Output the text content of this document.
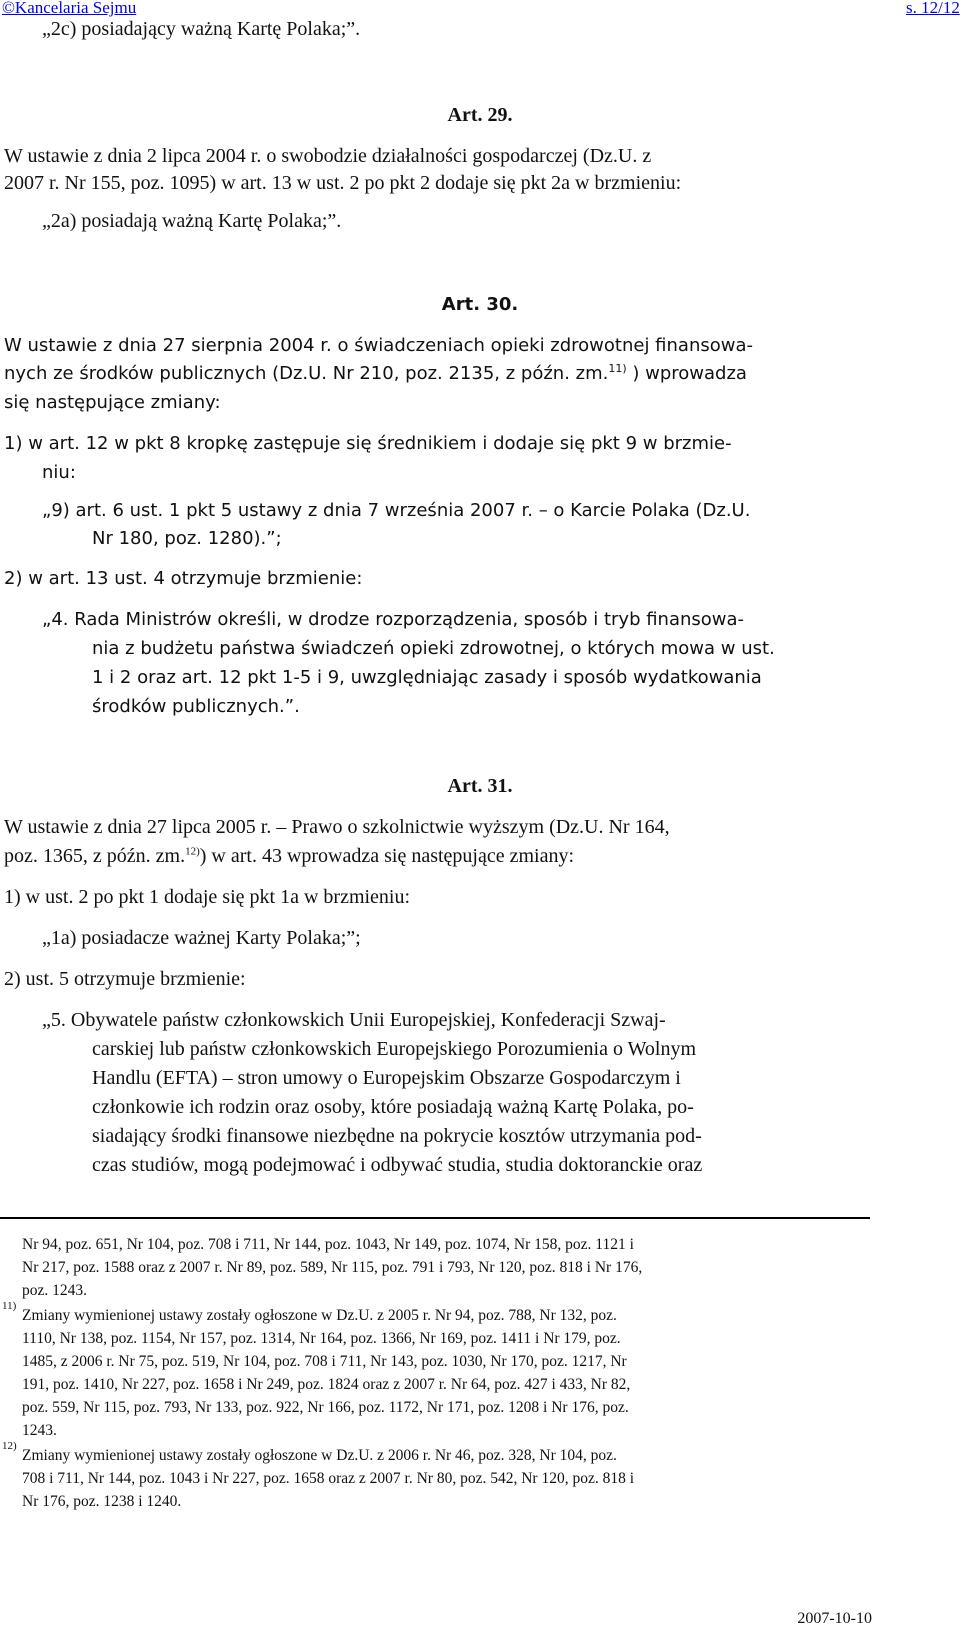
©Kancelaria Sejmu	s. 12/12
„2c) posiadający ważną Kartę Polaka;”.
Art. 29.
W ustawie z dnia 2 lipca 2004 r. o swobodzie działalności gospodarczej (Dz.U. z
2007 r. Nr 155, poz. 1095) w art. 13 w ust. 2 po pkt 2 dodaje się pkt 2a w brzmieniu:
„2a) posiadają ważną Kartę Polaka;”.
Art. 30.
W ustawie z dnia 27 sierpnia 2004 r. o świadczeniach opieki zdrowotnej finansowa-
nych ze środków publicznych (Dz.U. Nr 210, poz. 2135, z późn. zm.$^{11)}$ ) wprowadza
się następujące zmiany:
1) w art. 12 w pkt 8 kropkę zastępuje się średnikiem i dodaje się pkt 9 w brzmie-
niu:
„9) art. 6 ust. 1 pkt 5 ustawy z dnia 7 września 2007 r. – o Karcie Polaka (Dz.U.
Nr 180, poz. 1280).”;
2) w art. 13 ust. 4 otrzymuje brzmienie:
„4. Rada Ministrów określi, w drodze rozporządzenia, sposób i tryb finansowa-
nia z budżetu państwa świadczeń opieki zdrowotnej, o których mowa w ust.
1 i 2 oraz art. 12 pkt 1-5 i 9, uwzględniając zasady i sposób wydatkowania
środków publicznych.”.
Art. 31.
W ustawie z dnia 27 lipca 2005 r. – Prawo o szkolnictwie wyższym (Dz.U. Nr 164,
poz. 1365, z późn. zm.$^{12)}$) w art. 43 wprowadza się następujące zmiany:
1) w ust. 2 po pkt 1 dodaje się pkt 1a w brzmieniu:
„1a) posiadacze ważnej Karty Polaka;”;
2) ust. 5 otrzymuje brzmienie:
„5. Obywatele państw członkowskich Unii Europejskiej, Konfederacji Szwaj-
carskiej lub państw członkowskich Europejskiego Porozumienia o Wolnym
Handlu (EFTA) – stron umowy o Europejskim Obszarze Gospodarczym i
członkowie ich rodzin oraz osoby, które posiadają ważną Kartę Polaka, po-
siadający środki finansowe niezbędne na pokrycie kosztów utrzymania pod-
czas studiów, mogą podejmować i odbywać studia, studia doktoranckie oraz
Nr 94, poz. 651, Nr 104, poz. 708 i 711, Nr 144, poz. 1043, Nr 149, poz. 1074, Nr 158, poz. 1121 i
Nr 217, poz. 1588 oraz z 2007 r. Nr 89, poz. 589, Nr 115, poz. 791 i 793, Nr 120, poz. 818 i Nr 176,
poz. 1243.
11)
Zmiany wymienionej ustawy zostały ogłoszone w Dz.U. z 2005 r. Nr 94, poz. 788, Nr 132, poz.
1110, Nr 138, poz. 1154, Nr 157, poz. 1314, Nr 164, poz. 1366, Nr 169, poz. 1411 i Nr 179, poz.
1485, z 2006 r. Nr 75, poz. 519, Nr 104, poz. 708 i 711, Nr 143, poz. 1030, Nr 170, poz. 1217, Nr
191, poz. 1410, Nr 227, poz. 1658 i Nr 249, poz. 1824 oraz z 2007 r. Nr 64, poz. 427 i 433, Nr 82,
poz. 559, Nr 115, poz. 793, Nr 133, poz. 922, Nr 166, poz. 1172, Nr 171, poz. 1208 i Nr 176, poz.
1243.
12)
Zmiany wymienionej ustawy zostały ogłoszone w Dz.U. z 2006 r. Nr 46, poz. 328, Nr 104, poz.
708 i 711, Nr 144, poz. 1043 i Nr 227, poz. 1658 oraz z 2007 r. Nr 80, poz. 542, Nr 120, poz. 818 i
Nr 176, poz. 1238 i 1240.
2007-10-10
